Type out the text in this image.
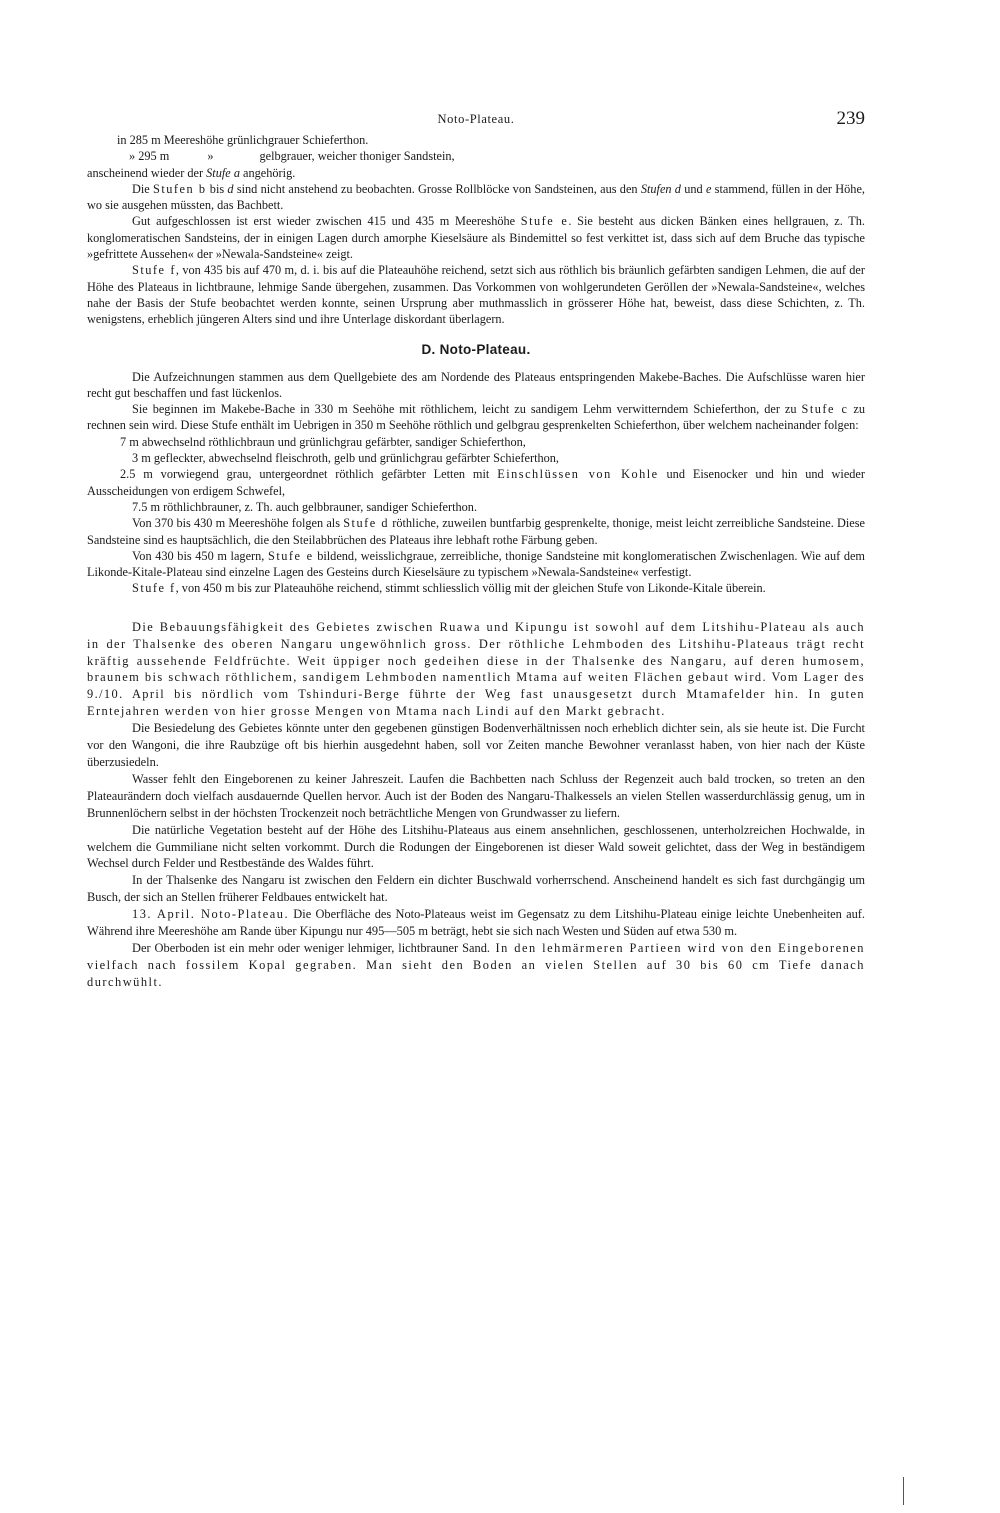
Noto-Plateau.	239

in 285 m Meereshöhe grünlichgrauer Schieferthon.

» 295 m	»	gelbgrauer, weicher thoniger Sandstein,

anscheinend wieder der Stufe a angehörig.

Die Stufen b bis d sind nicht anstehend zu beobachten. Grosse Rollblöcke von Sandsteinen, aus den Stufen d und e stammend, füllen in der Höhe, wo sie ausgehen müssten, das Bachbett.

Gut aufgeschlossen ist erst wieder zwischen 415 und 435 m Meereshöhe Stufe e. Sie besteht aus dicken Bänken eines hellgrauen, z. Th. konglomeratischen Sandsteins, der in einigen Lagen durch amorphe Kieselsäure als Bindemittel so fest verkittet ist, dass sich auf dem Bruche das typische »gefrittete Aussehen« der »Newala-Sandsteine« zeigt.

Stufe f, von 435 bis auf 470 m, d. i. bis auf die Plateauhöhe reichend, setzt sich aus röthlich bis bräunlich gefärbten sandigen Lehmen, die auf der Höhe des Plateaus in lichtbraune, lehmige Sande übergehen, zusammen. Das Vorkommen von wohlgerundeten Geröllen der »Newala-Sandsteine«, welches nahe der Basis der Stufe beobachtet werden konnte, seinen Ursprung aber muthmasslich in grösserer Höhe hat, beweist, dass diese Schichten, z. Th. wenigstens, erheblich jüngeren Alters sind und ihre Unterlage diskordant überlagern.

D. Noto-Plateau.

Die Aufzeichnungen stammen aus dem Quellgebiete des am Nordende des Plateaus entspringenden Makebe-Baches. Die Aufschlüsse waren hier recht gut beschaffen und fast lückenlos.

Sie beginnen im Makebe-Bache in 330 m Seehöhe mit röthlichem, leicht zu sandigem Lehm verwitterndem Schieferthon, der zu Stufe c zu rechnen sein wird. Diese Stufe enthält im Uebrigen in 350 m Seehöhe röthlich und gelbgrau gesprenkelten Schieferthon, über welchem nacheinander folgen:

7 m abwechselnd röthlichbraun und grünlichgrau gefärbter, sandiger Schieferthon,

3 m gefleckter, abwechselnd fleischroth, gelb und grünlichgrau gefärbter Schieferthon,

2.5 m vorwiegend grau, untergeordnet röthlich gefärbter Letten mit Einschlüssen von Kohle und Eisenocker und hin und wieder Ausscheidungen von erdigem Schwefel,

7.5 m röthlichbrauner, z. Th. auch gelbbrauner, sandiger Schieferthon.

Von 370 bis 430 m Meereshöhe folgen als Stufe d röthliche, zuweilen buntfarbig gesprenkelte, thonige, meist leicht zerreibliche Sandsteine. Diese Sandsteine sind es hauptsächlich, die den Steilabbrüchen des Plateaus ihre lebhaft rothe Färbung geben.

Von 430 bis 450 m lagern, Stufe e bildend, weisslichgraue, zerreibliche, thonige Sandsteine mit konglomeratischen Zwischenlagen. Wie auf dem Likonde-Kitale-Plateau sind einzelne Lagen des Gesteins durch Kieselsäure zu typischem »Newala-Sandsteine« verfestigt.

Stufe f, von 450 m bis zur Plateauhöhe reichend, stimmt schliesslich völlig mit der gleichen Stufe von Likonde-Kitale überein.

Die Bebauungsfähigkeit des Gebietes zwischen Ruawa und Kipungu ist sowohl auf dem Litshihu-Plateau als auch in der Thalsenke des oberen Nangaru ungewöhnlich gross. Der röthliche Lehmboden des Litshihu-Plateaus trägt recht kräftig aussehende Feldfrüchte. Weit üppiger noch gedeihen diese in der Thalsenke des Nangaru, auf deren humosem, braunem bis schwach röthlichem, sandigem Lehmboden namentlich Mtama auf weiten Flächen gebaut wird. Vom Lager des 9./10. April bis nördlich vom Tshinduri-Berge führte der Weg fast unausgesetzt durch Mtamafelder hin. In guten Erntejahren werden von hier grosse Mengen von Mtama nach Lindi auf den Markt gebracht.

Die Besiedelung des Gebietes könnte unter den gegebenen günstigen Bodenverhältnissen noch erheblich dichter sein, als sie heute ist. Die Furcht vor den Wangoni, die ihre Raubzüge oft bis hierhin ausgedehnt haben, soll vor Zeiten manche Bewohner veranlasst haben, von hier nach der Küste überzusiedeln.

Wasser fehlt den Eingeborenen zu keiner Jahreszeit. Laufen die Bachbetten nach Schluss der Regenzeit auch bald trocken, so treten an den Plateaurändern doch vielfach ausdauernde Quellen hervor. Auch ist der Boden des Nangaru-Thalkessels an vielen Stellen wasserdurchlässig genug, um in Brunnenlöchern selbst in der höchsten Trockenzeit noch beträchtliche Mengen von Grundwasser zu liefern.

Die natürliche Vegetation besteht auf der Höhe des Litshihu-Plateaus aus einem ansehnlichen, geschlossenen, unterholzreichen Hochwalde, in welchem die Gummiliane nicht selten vorkommt. Durch die Rodungen der Eingeborenen ist dieser Wald soweit gelichtet, dass der Weg in beständigem Wechsel durch Felder und Restbestände des Waldes führt.

In der Thalsenke des Nangaru ist zwischen den Feldern ein dichter Buschwald vorherrschend. Anscheinend handelt es sich fast durchgängig um Busch, der sich an Stellen früherer Feldbaues entwickelt hat.

13. April. Noto-Plateau. Die Oberfläche des Noto-Plateaus weist im Gegensatz zu dem Litshihu-Plateau einige leichte Unebenheiten auf. Während ihre Meereshöhe am Rande über Kipungu nur 495—505 m beträgt, hebt sie sich nach Westen und Süden auf etwa 530 m.

Der Oberboden ist ein mehr oder weniger lehmiger, lichtbrauner Sand. In den lehmärmeren Partieen wird von den Eingeborenen vielfach nach fossilem Kopal gegraben. Man sieht den Boden an vielen Stellen auf 30 bis 60 cm Tiefe danach durchwühlt.
